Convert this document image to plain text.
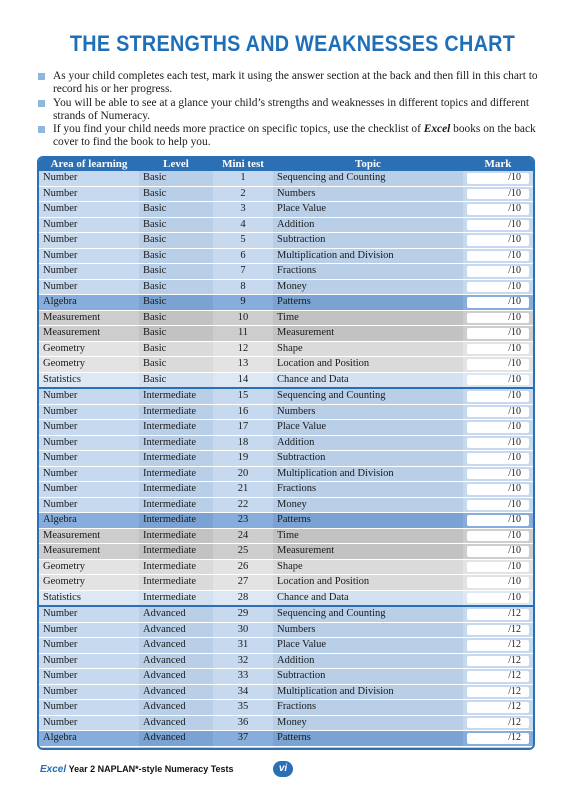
THE STRENGTHS AND WEAKNESSES CHART
As your child completes each test, mark it using the answer section at the back and then fill in this chart to record his or her progress.
You will be able to see at a glance your child’s strengths and weaknesses in different topics and different strands of Numeracy.
If you find your child needs more practice on specific topics, use the checklist of Excel books on the back cover to find the book to help you.
Area of learning	Level	Mini test	Topic	Mark
Number	Basic	1	Sequencing and Counting	/10

Number	Basic	2	Numbers	/10

Number	Basic	3	Place Value	/10

Number	Basic	4	Addition	/10

Number	Basic	5	Subtraction	/10

Number	Basic	6	Multiplication and Division	/10

Number	Basic	7	Fractions	/10

Number	Basic	8	Money	/10

Algebra	Basic	9	Patterns	/10

Measurement	Basic	10	Time	/10

Measurement	Basic	11	Measurement	/10

Geometry	Basic	12	Shape	/10

Geometry	Basic	13	Location and Position	/10

Statistics	Basic	14	Chance and Data	/10

Number	Intermediate	15	Sequencing and Counting	/10

Number	Intermediate	16	Numbers	/10

Number	Intermediate	17	Place Value	/10

Number	Intermediate	18	Addition	/10

Number	Intermediate	19	Subtraction	/10

Number	Intermediate	20	Multiplication and Division	/10

Number	Intermediate	21	Fractions	/10

Number	Intermediate	22	Money	/10

Algebra	Intermediate	23	Patterns	/10

Measurement	Intermediate	24	Time	/10

Measurement	Intermediate	25	Measurement	/10

Geometry	Intermediate	26	Shape	/10

Geometry	Intermediate	27	Location and Position	/10

Statistics	Intermediate	28	Chance and Data	/10

Number	Advanced	29	Sequencing and Counting	/12

Number	Advanced	30	Numbers	/12

Number	Advanced	31	Place Value	/12

Number	Advanced	32	Addition	/12

Number	Advanced	33	Subtraction	/12

Number	Advanced	34	Multiplication and Division	/12

Number	Advanced	35	Fractions	/12

Number	Advanced	36	Money	/12

Algebra	Advanced	37	Patterns	/12

Excel Year 2 NAPLAN*-style Numeracy Tests	vi
